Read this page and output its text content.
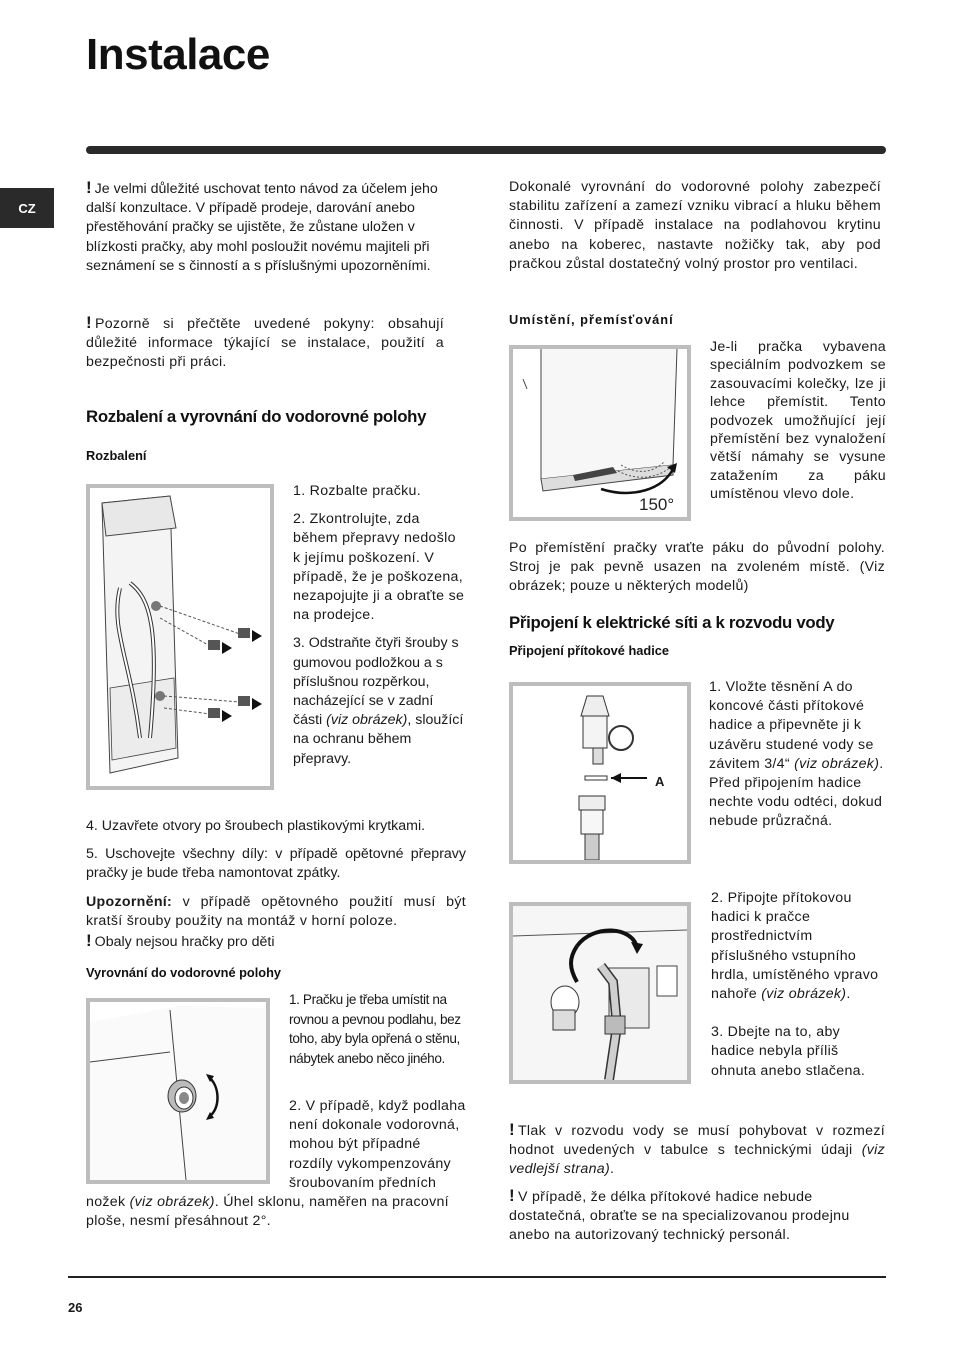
Instalace
CZ

! Je velmi důležité uschovat tento návod za účelem jeho další konzultace. V případě prodeje, darování anebo přestěhování pračky se ujistěte, že zůstane uložen v blízkosti pračky, aby mohl posloužit novému majiteli při seznámení se s činností a s příslušnými upozorněními.

! Pozorně si přečtěte uvedené pokyny: obsahují důležité informace týkající se instalace, použití a bezpečnosti při práci.

Rozbalení a vyrovnání do vodorovné polohy
Rozbalení

1. Rozbalte pračku.

2. Zkontrolujte, zda během přepravy nedošlo k jejímu poškození. V případě, že je poškozena, nezapojujte ji a obraťte se na prodejce.

3. Odstraňte čtyři šrouby s gumovou podložkou a s příslušnou rozpěrkou, nacházející se v zadní části (viz obrázek), sloužící na ochranu během přepravy.

4. Uzavřete otvory po šroubech plastikovými krytkami.

5. Uschovejte všechny díly: v případě opětovné přepravy pračky je bude třeba namontovat zpátky.

Upozornění: v případě opětovného použití musí být kratší šrouby použity na montáž v horní poloze.

! Obaly nejsou hračky pro děti

Vyrovnání do vodorovné polohy

1. Pračku je třeba umístit na rovnou a pevnou podlahu, bez toho, aby byla opřená o stěnu, nábytek anebo něco jiného.

2. V případě, když podlaha není dokonale vodorovná, mohou být případné rozdíly vykompenzovány šroubovaním předních nožek (viz obrázek). Úhel sklonu, naměřen na pracovní ploše, nesmí přesáhnout 2°.

Dokonalé vyrovnání do vodorovné polohy zabezpečí stabilitu zařízení a zamezí vzniku vibrací a hluku během činnosti. V případě instalace na podlahovou krytinu anebo na koberec, nastavte nožičky tak, aby pod pračkou zůstal dostatečný volný prostor pro ventilaci.

Umístění, přemísťování
150°

Je-li pračka vybavena speciálním podvozkem se zasouvacími kolečky, lze ji lehce přemístit. Tento podvozek umožňující její přemístění bez vynaložení větší námahy se vysune zatažením za páku umístěnou vlevo dole.

Po přemístění pračky vraťte páku do původní polohy. Stroj je pak pevně usazen na zvoleném místě. (Viz obrázek; pouze u některých modelů)

Připojení k elektrické síti a k rozvodu vody
Připojení přítokové hadice
A

1. Vložte těsnění A do koncové části přítokové hadice a připevněte ji k uzávěru studené vody se závitem 3/4“ (viz obrázek).

Před připojením hadice nechte vodu odtéci, dokud nebude průzračná.

2. Připojte přítokovou hadici k pračce prostřednictvím příslušného vstupního hrdla, umístěného vpravo nahoře (viz obrázek).

3. Dbejte na to, aby hadice nebyla příliš ohnuta anebo stlačena.

! Tlak v rozvodu vody se musí pohybovat v rozmezí hodnot uvedených v tabulce s technickými údaji (viz vedlejší strana).

! V případě, že délka přítokové hadice nebude dostatečná, obraťte se na specializovanou prodejnu anebo na autorizovaný technický personál.

26
